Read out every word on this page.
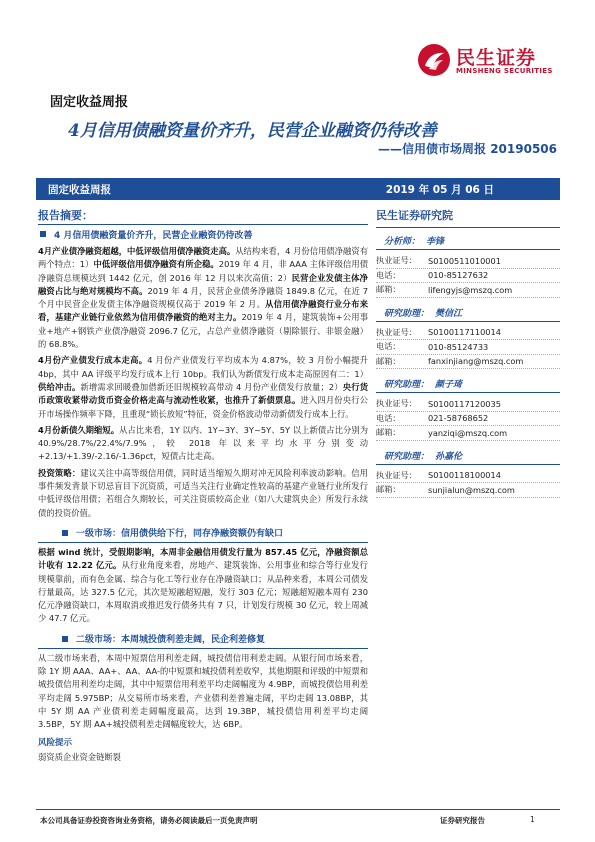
民生证券
MINSHENG SECURITIES
固定收益周报
4月信用债融资量价齐升，民营企业融资仍待改善
——信用债市场周报 20190506
固定收益周报	2019 年 05 月 06 日
报告摘要：
4 月信用债融资量价齐升，民营企业融资仍待改善

4月产业债净融资超越，中低评级信用债净融资走高。从结构来看，4 月份信用债净融资有两个特点：1）中低评级信用债净融资有所企稳。2019 年 4 月，非 AAA 主体评级信用债净融资总规模达到 1442 亿元，创 2016 年 12 月以来次高值；2）民营企业发债主体净融资占比与绝对规模均不高。2019 年 4 月，民营企业债务净融资 1849.8 亿元，在近 7 个月中民营企业发债主体净融资规模仅高于 2019 年 2 月。从信用债净融资行业分布来看，基建产业链行业依然为信用债净融资的绝对主力。2019 年 4 月，建筑装饰+公用事业+地产+钢铁产业债净融资 2096.7 亿元，占总产业债净融资（剔除银行、非银金融）的 68.8%。

4月份产业债发行成本走高。4 月份产业债发行平均成本为 4.87%，较 3 月份小幅提升 4bp，其中 AA 评级平均发行成本上行 10bp。我们认为新债发行成本走高原因有二：1）供给冲击。新增需求回暖叠加借新还旧规模较高带动 4 月份产业债发行放量；2）央行货币政策收紧带动货币资金价格走高与流动性收紧，也推升了新债票息。进入四月份央行公开市场操作频率下降，且重现“锁长放短”特征，资金价格波动带动新债发行成本上行。

4月份新债久期缩短。从占比来看，1Y 以内、1Y~3Y、3Y~5Y、5Y 以上新债占比分别为 40.9%/28.7%/22.4%/7.9%，较 2018 年以来平均水平分别变动+2.13/+1.39/-2.16/-1.36pct，短债占比走高。

投资策略：建议关注中高等级信用债，同时适当缩短久期对冲无风险利率波动影响。信用事件频发背景下切忌盲目下沉资质，可适当关注行业确定性较高的基建产业链行业所发行中低评级信用债；若组合久期较长，可关注资质较高企业（如八大建筑央企）所发行永续债的投资价值。

一级市场：信用债供给下行，同存净融资额仍有缺口

根据 wind 统计，受假期影响，本周非金融信用债发行量为 857.45 亿元，净融资额总计收有 12.22 亿元。从行业角度来看，房地产、建筑装饰、公用事业和综合等行业发行规模靠前，而有色金属、综合与化工等行业存在净融资缺口；从品种来看，本周公司债发行量最高，达 327.5 亿元，其次是短融超短融，发行 303 亿元；短融超短融本周有 230 亿元净融资缺口，本周取消或推迟发行债务共有 7 只，计划发行规模 30 亿元，较上周减少 47.7 亿元。

二级市场：本周城投债利差走阔，民企利差修复

从二级市场来看，本周中短票信用利差走阔，城投债信用利差走阔。从银行间市场来看， 除 1Y 期 AAA、AA+、AA、AA-的中短票和城投债利差收窄，其他期限和评级的中短票和城投债信用利差均走阔，其中中短票信用利差平均走阔幅度为 4.9BP，而城投债信用利差平均走阔 5.975BP；从交易所市场来看，产业债利差普遍走阔，平均走阔 13.08BP，其中 5Y 期 AA 产业债利差走阔幅度最高，达到 19.3BP，城投债信用利差平均走阔 3.5BP，5Y 期 AA+城投债利差走阔幅度较大，达 6BP。

风险提示

弱资质企业资金链断裂

民生证券研究院
分析师： 李锋
执业证号：	S0100511010001
电话：	010-85127632
邮箱：	lifengyjs@mszq.com
研究助理： 樊信江
执业证号：	S0100117110014
电话：	010-85124733
邮箱：	fanxinjiang@mszq.com
研究助理： 颜子琦
执业证号：	S0100117120035
电话：	021-58768652
邮箱：	yanziqi@mszq.com
研究助理： 孙嘉伦
执业证号：	S0100118100014
邮箱：	sunjialun@mszq.com
本公司具备证券投资咨询业务资格，请务必阅读最后一页免责声明	证券研究报告	1
